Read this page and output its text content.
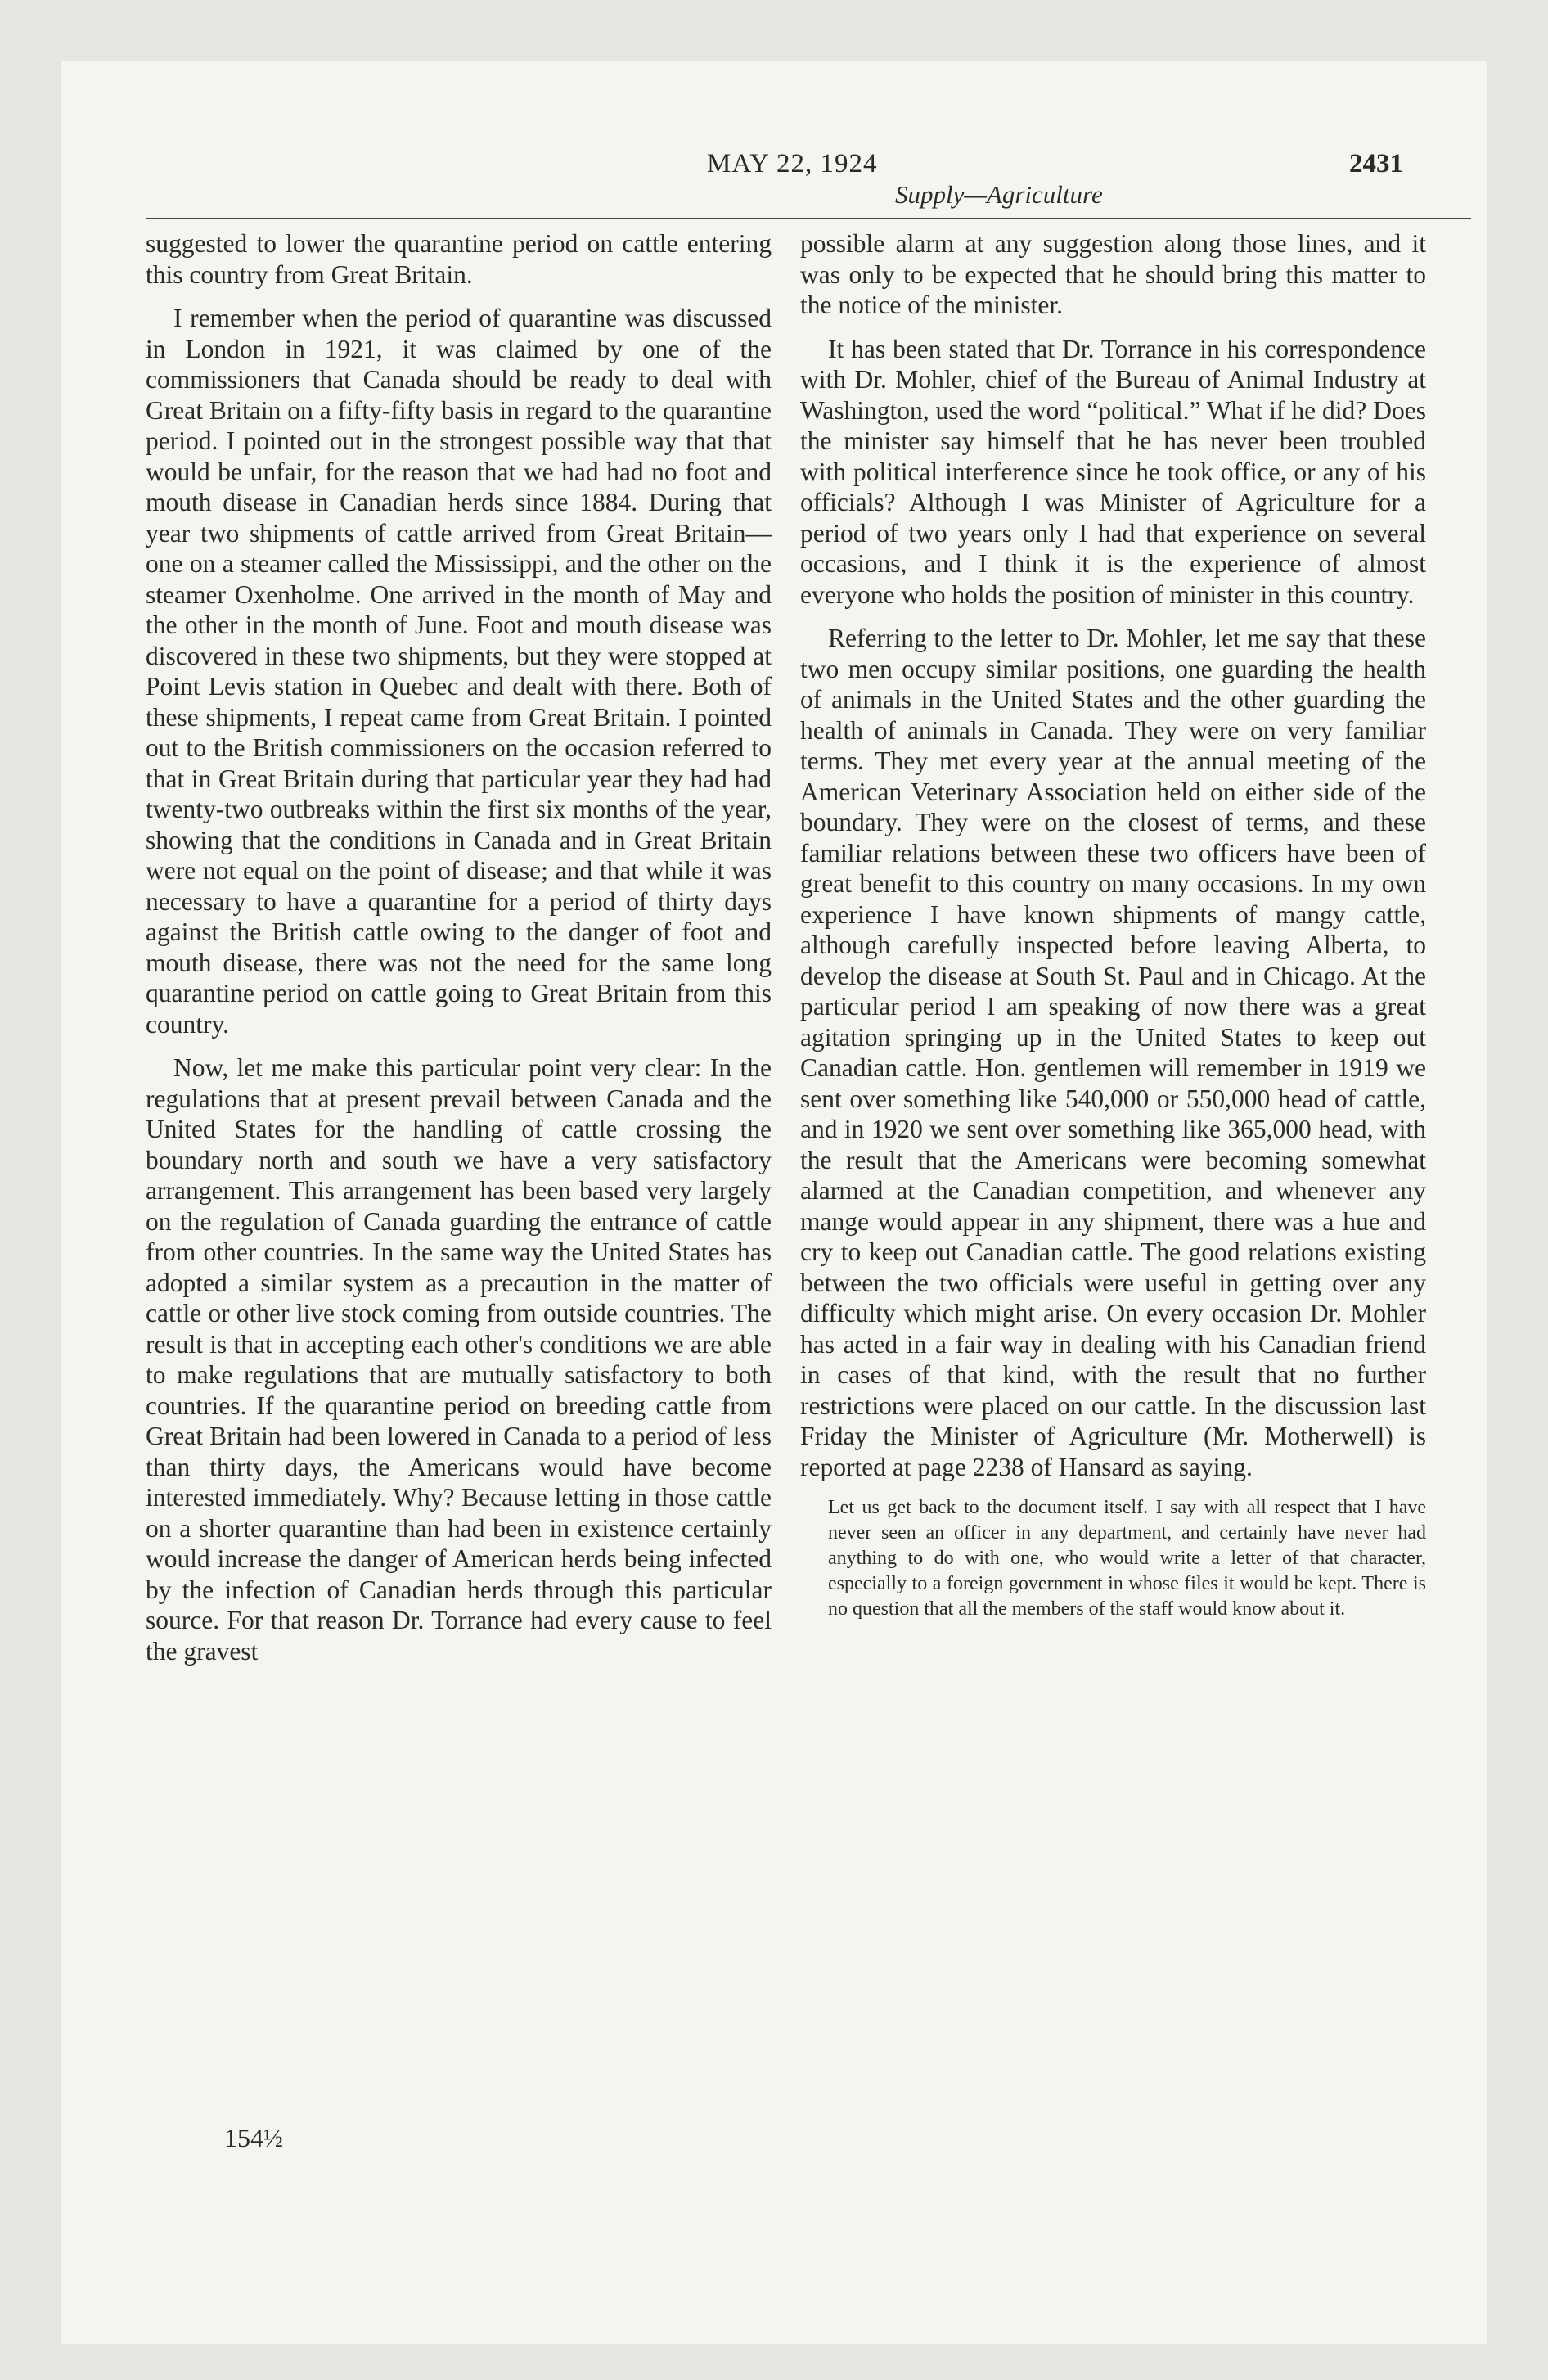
MAY 22, 1924	2431
Supply—Agriculture

suggested to lower the quarantine period on cattle entering this country from Great Britain.

I remember when the period of quarantine was discussed in London in 1921, it was claimed by one of the commissioners that Canada should be ready to deal with Great Britain on a fifty-fifty basis in regard to the quarantine period. I pointed out in the strongest possible way that that would be unfair, for the reason that we had had no foot and mouth disease in Canadian herds since 1884. During that year two shipments of cattle arrived from Great Britain—one on a steamer called the Mississippi, and the other on the steamer Oxenholme. One arrived in the month of May and the other in the month of June. Foot and mouth disease was discovered in these two shipments, but they were stopped at Point Levis station in Quebec and dealt with there. Both of these shipments, I repeat came from Great Britain. I pointed out to the British commissioners on the occasion referred to that in Great Britain during that particular year they had had twenty-two outbreaks within the first six months of the year, showing that the conditions in Canada and in Great Britain were not equal on the point of disease; and that while it was necessary to have a quarantine for a period of thirty days against the British cattle owing to the danger of foot and mouth disease, there was not the need for the same long quarantine period on cattle going to Great Britain from this country.

Now, let me make this particular point very clear: In the regulations that at present prevail between Canada and the United States for the handling of cattle crossing the boundary north and south we have a very satisfactory arrangement. This arrangement has been based very largely on the regulation of Canada guarding the entrance of cattle from other countries. In the same way the United States has adopted a similar system as a precaution in the matter of cattle or other live stock coming from outside countries. The result is that in accepting each other's conditions we are able to make regulations that are mutually satisfactory to both countries. If the quarantine period on breeding cattle from Great Britain had been lowered in Canada to a period of less than thirty days, the Americans would have become interested immediately. Why? Because letting in those cattle on a shorter quarantine than had been in existence certainly would increase the danger of American herds being infected by the infection of Canadian herds through this particular source. For that reason Dr. Torrance had every cause to feel the gravest

possible alarm at any suggestion along those lines, and it was only to be expected that he should bring this matter to the notice of the minister.

It has been stated that Dr. Torrance in his correspondence with Dr. Mohler, chief of the Bureau of Animal Industry at Washington, used the word “political.” What if he did? Does the minister say himself that he has never been troubled with political interference since he took office, or any of his officials? Although I was Minister of Agriculture for a period of two years only I had that experience on several occasions, and I think it is the experience of almost everyone who holds the position of minister in this country.

Referring to the letter to Dr. Mohler, let me say that these two men occupy similar positions, one guarding the health of animals in the United States and the other guarding the health of animals in Canada. They were on very familiar terms. They met every year at the annual meeting of the American Veterinary Association held on either side of the boundary. They were on the closest of terms, and these familiar relations between these two officers have been of great benefit to this country on many occasions. In my own experience I have known shipments of mangy cattle, although carefully inspected before leaving Alberta, to develop the disease at South St. Paul and in Chicago. At the particular period I am speaking of now there was a great agitation springing up in the United States to keep out Canadian cattle. Hon. gentlemen will remember in 1919 we sent over something like 540,000 or 550,000 head of cattle, and in 1920 we sent over something like 365,000 head, with the result that the Americans were becoming somewhat alarmed at the Canadian competition, and whenever any mange would appear in any shipment, there was a hue and cry to keep out Canadian cattle. The good relations existing between the two officials were useful in getting over any difficulty which might arise. On every occasion Dr. Mohler has acted in a fair way in dealing with his Canadian friend in cases of that kind, with the result that no further restrictions were placed on our cattle. In the discussion last Friday the Minister of Agriculture (Mr. Motherwell) is reported at page 2238 of Hansard as saying.

Let us get back to the document itself. I say with all respect that I have never seen an officer in any department, and certainly have never had anything to do with one, who would write a letter of that character, especially to a foreign government in whose files it would be kept. There is no question that all the members of the staff would know about it.
154½
